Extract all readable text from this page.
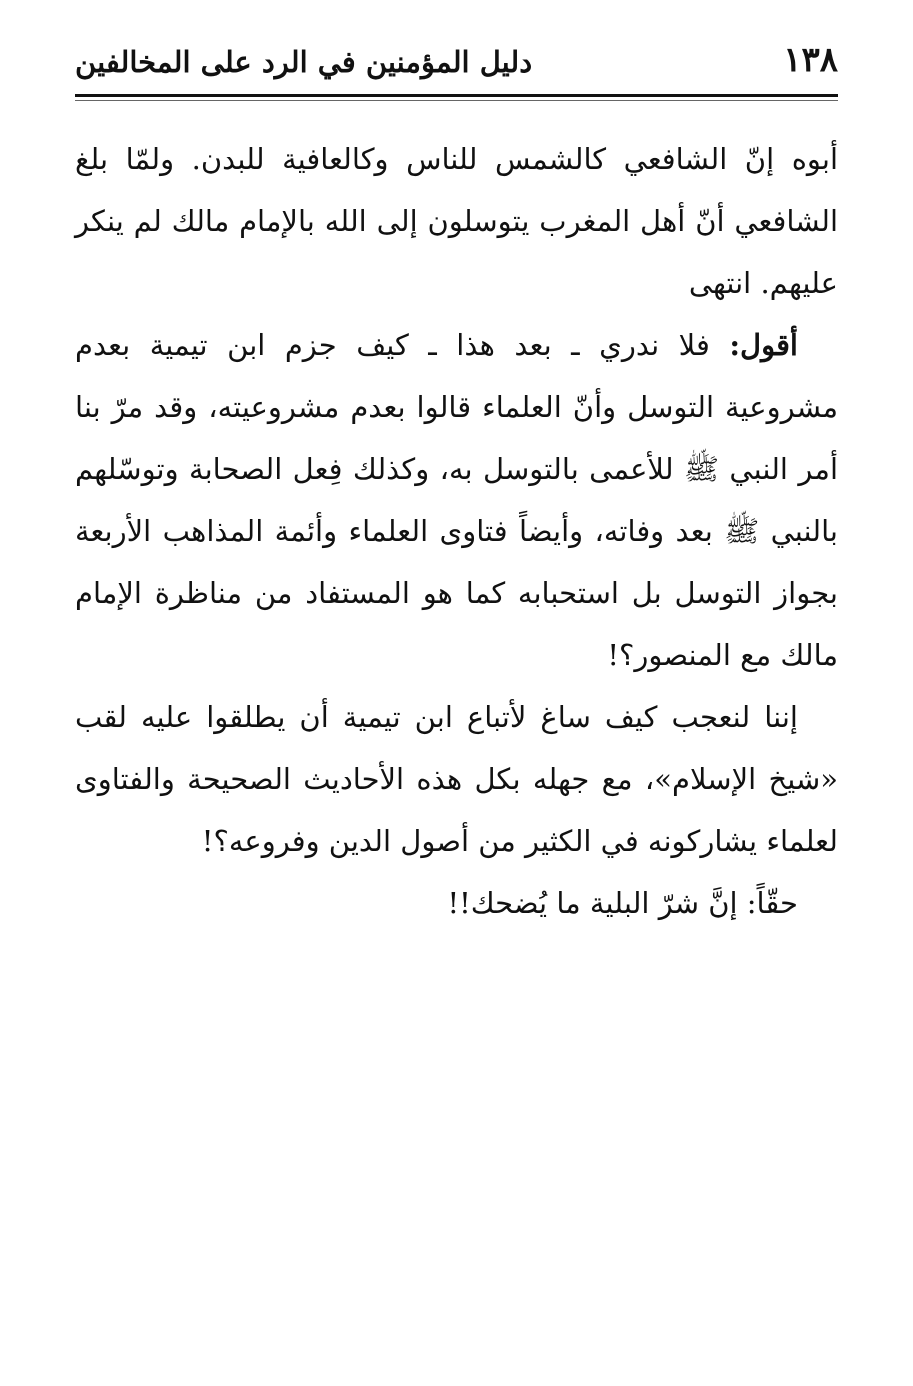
١٣٨
دليل المؤمنين في الرد على المخالفين

أبوه إنّ الشافعي كالشمس للناس وكالعافية للبدن. ولمّا بلغ الشافعي أنّ أهل المغرب يتوسلون إلى الله بالإمام مالك لم ينكر عليهم. انتهى

أقول: فلا ندري ـ بعد هذا ـ كيف جزم ابن تيمية بعدم مشروعية التوسل وأنّ العلماء قالوا بعدم مشروعيته، وقد مرّ بنا أمر النبي ﷺ للأعمى بالتوسل به، وكذلك فِعل الصحابة وتوسّلهم بالنبي ﷺ بعد وفاته، وأيضاً فتاوى العلماء وأئمة المذاهب الأربعة بجواز التوسل بل استحبابه كما هو المستفاد من مناظرة الإمام مالك مع المنصور؟!

إننا لنعجب كيف ساغ لأتباع ابن تيمية أن يطلقوا عليه لقب «شيخ الإسلام»، مع جهله بكل هذه الأحاديث الصحيحة والفتاوى لعلماء يشاركونه في الكثير من أصول الدين وفروعه؟!

حقّاً: إنَّ شرّ البلية ما يُضحك!!
